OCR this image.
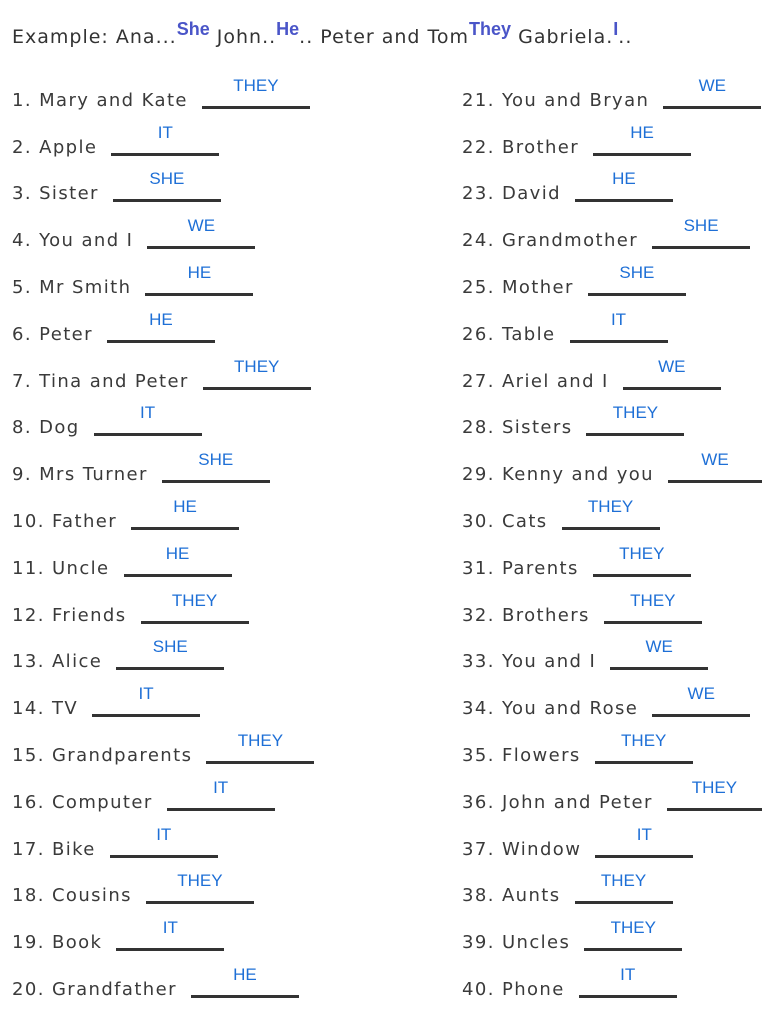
Example: Ana...She John..He.. Peter and TomThey Gabriela.I..
1. Mary and Kate
THEY
2. Apple
IT
3. Sister
SHE
4. You and I
WE
5. Mr Smith
HE
6. Peter
HE
7. Tina and Peter
THEY
8. Dog
IT
9. Mrs Turner
SHE
10. Father
HE
11. Uncle
HE
12. Friends
THEY
13. Alice
SHE
14. TV
IT
15. Grandparents
THEY
16. Computer
IT
17. Bike
IT
18. Cousins
THEY
19. Book
IT
20. Grandfather
HE
21. You and Bryan
WE
22. Brother
HE
23. David
HE
24. Grandmother
SHE
25. Mother
SHE
26. Table
IT
27. Ariel and I
WE
28. Sisters
THEY
29. Kenny and you
WE
30. Cats
THEY
31. Parents
THEY
32. Brothers
THEY
33. You and I
WE
34. You and Rose
WE
35. Flowers
THEY
36. John and Peter
THEY
37. Window
IT
38. Aunts
THEY
39. Uncles
THEY
40. Phone
IT
